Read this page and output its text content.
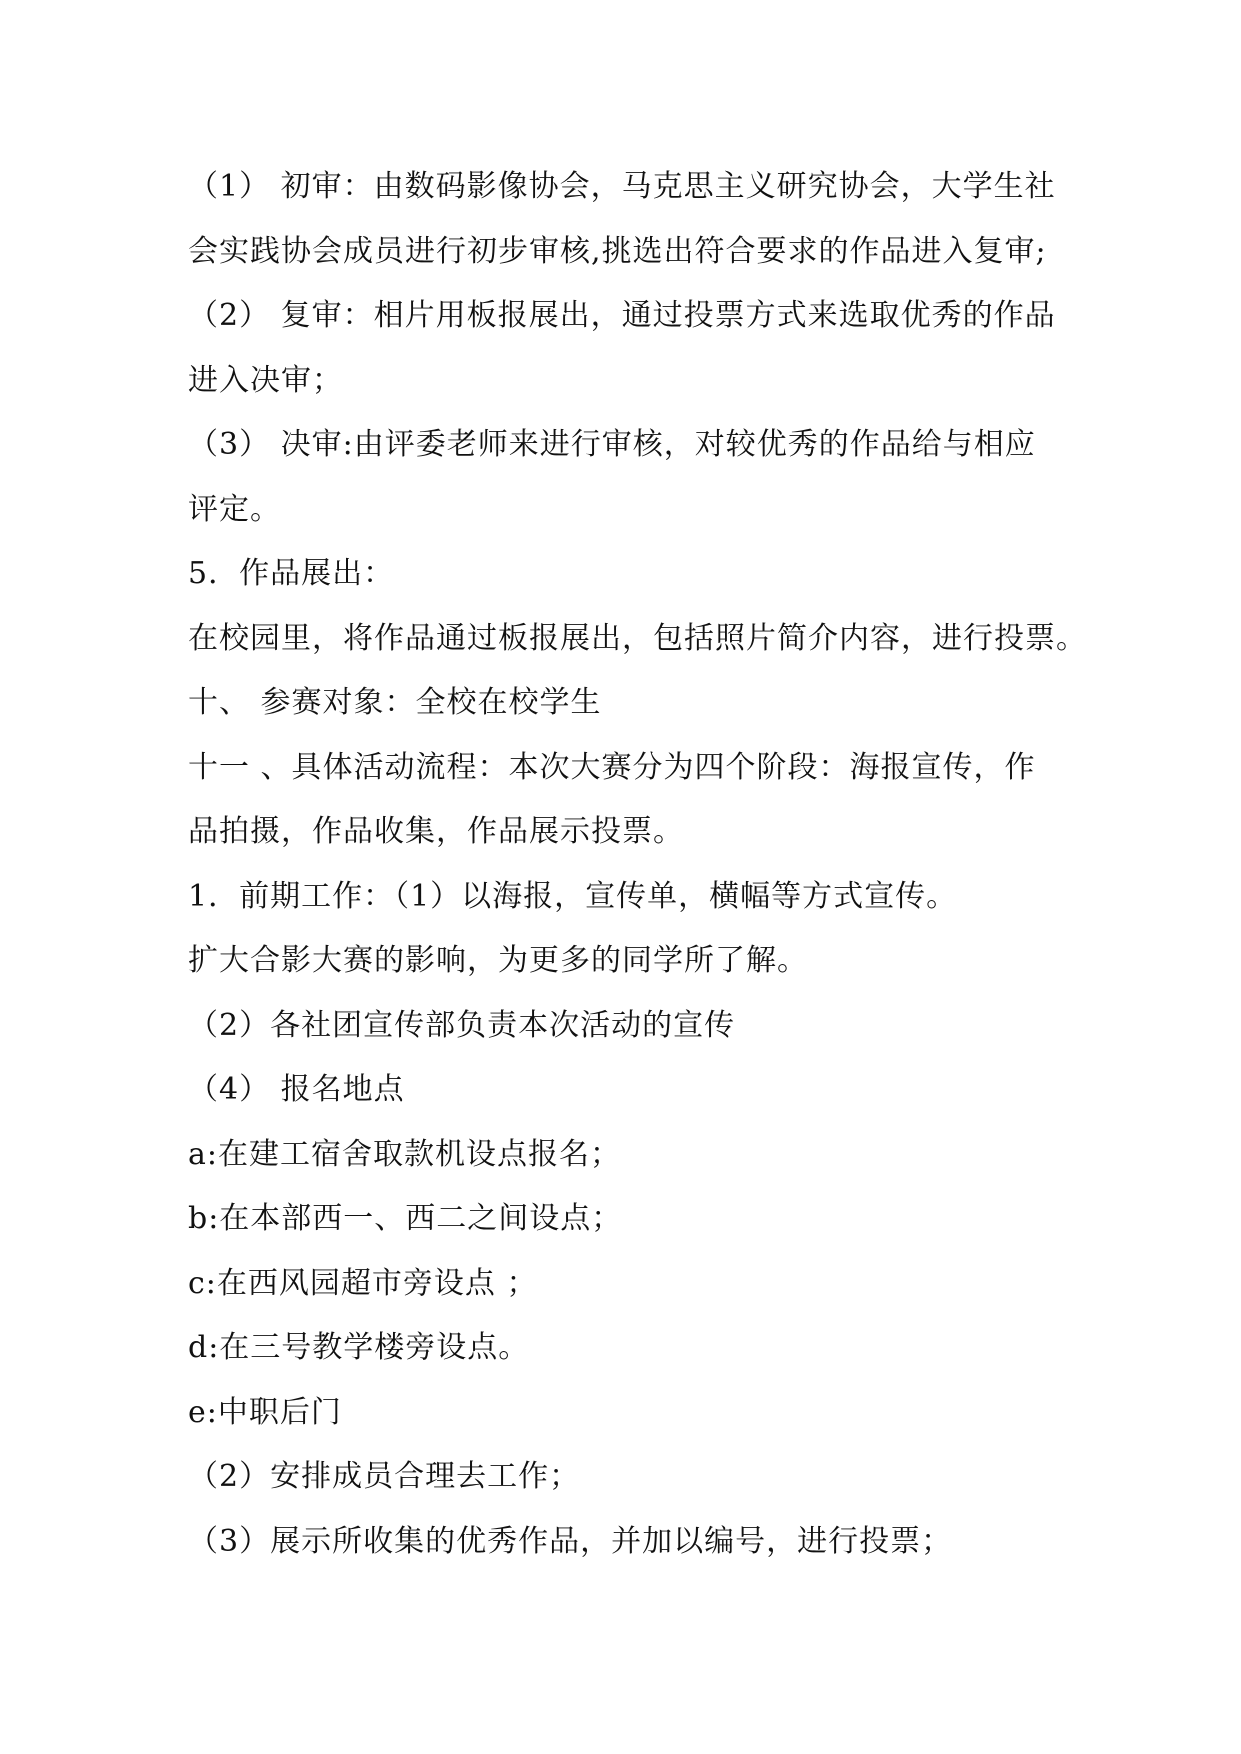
（1） 初审：由数码影像协会，马克思主义研究协会，大学生社
会实践协会成员进行初步审核,挑选出符合要求的作品进入复审;
（2） 复审：相片用板报展出，通过投票方式来选取优秀的作品
进入决审；
（3） 决审:由评委老师来进行审核，对较优秀的作品给与相应
评定。
5．作品展出：
在校园里，将作品通过板报展出，包括照片简介内容，进行投票。
十、 参赛对象：全校在校学生
十一 、具体活动流程：本次大赛分为四个阶段：海报宣传，作
品拍摄，作品收集，作品展示投票。
1．前期工作：（1）以海报，宣传单，横幅等方式宣传。
扩大合影大赛的影响，为更多的同学所了解。
（2）各社团宣传部负责本次活动的宣传
（4） 报名地点
a:在建工宿舍取款机设点报名；
b:在本部西一、西二之间设点；
c:在西风园超市旁设点 ；
d:在三号教学楼旁设点。
e:中职后门
（2）安排成员合理去工作；
（3）展示所收集的优秀作品，并加以编号，进行投票；
